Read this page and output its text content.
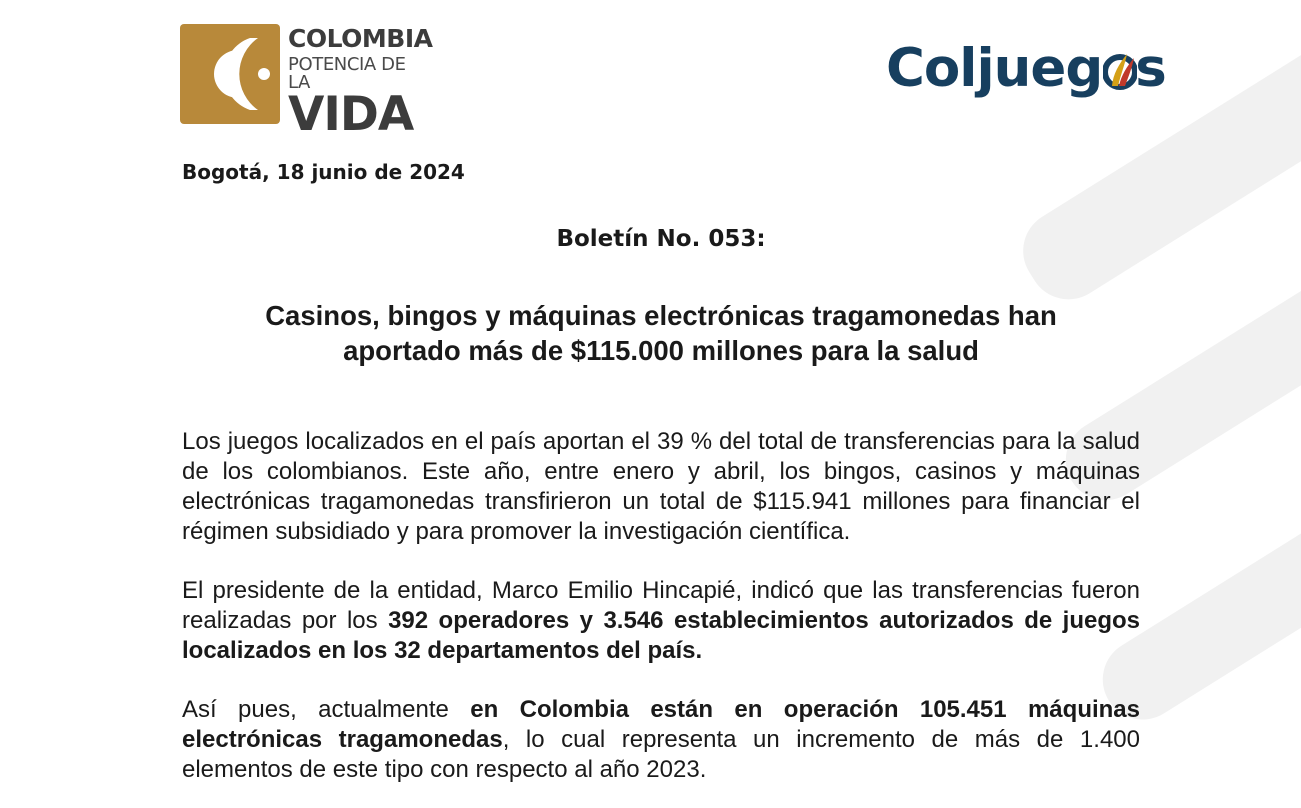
COLOMBIA
POTENCIA DE LA
VIDA
Coljueg s
Bogotá, 18 junio de 2024
Boletín No. 053:
Casinos, bingos y máquinas electrónicas tragamonedas han
aportado más de $115.000 millones para la salud

Los juegos localizados en el país aportan el 39 % del total de transferencias para la salud de los colombianos. Este año, entre enero y abril, los bingos, casinos y máquinas electrónicas tragamonedas transfirieron un total de $115.941 millones para financiar el régimen subsidiado y para promover la investigación científica.

El presidente de la entidad, Marco Emilio Hincapié, indicó que las transferencias fueron realizadas por los 392 operadores y 3.546 establecimientos autorizados de juegos localizados en los 32 departamentos del país.

Así pues, actualmente en Colombia están en operación 105.451 máquinas electrónicas tragamonedas, lo cual representa un incremento de más de 1.400 elementos de este tipo con respecto al año 2023.
